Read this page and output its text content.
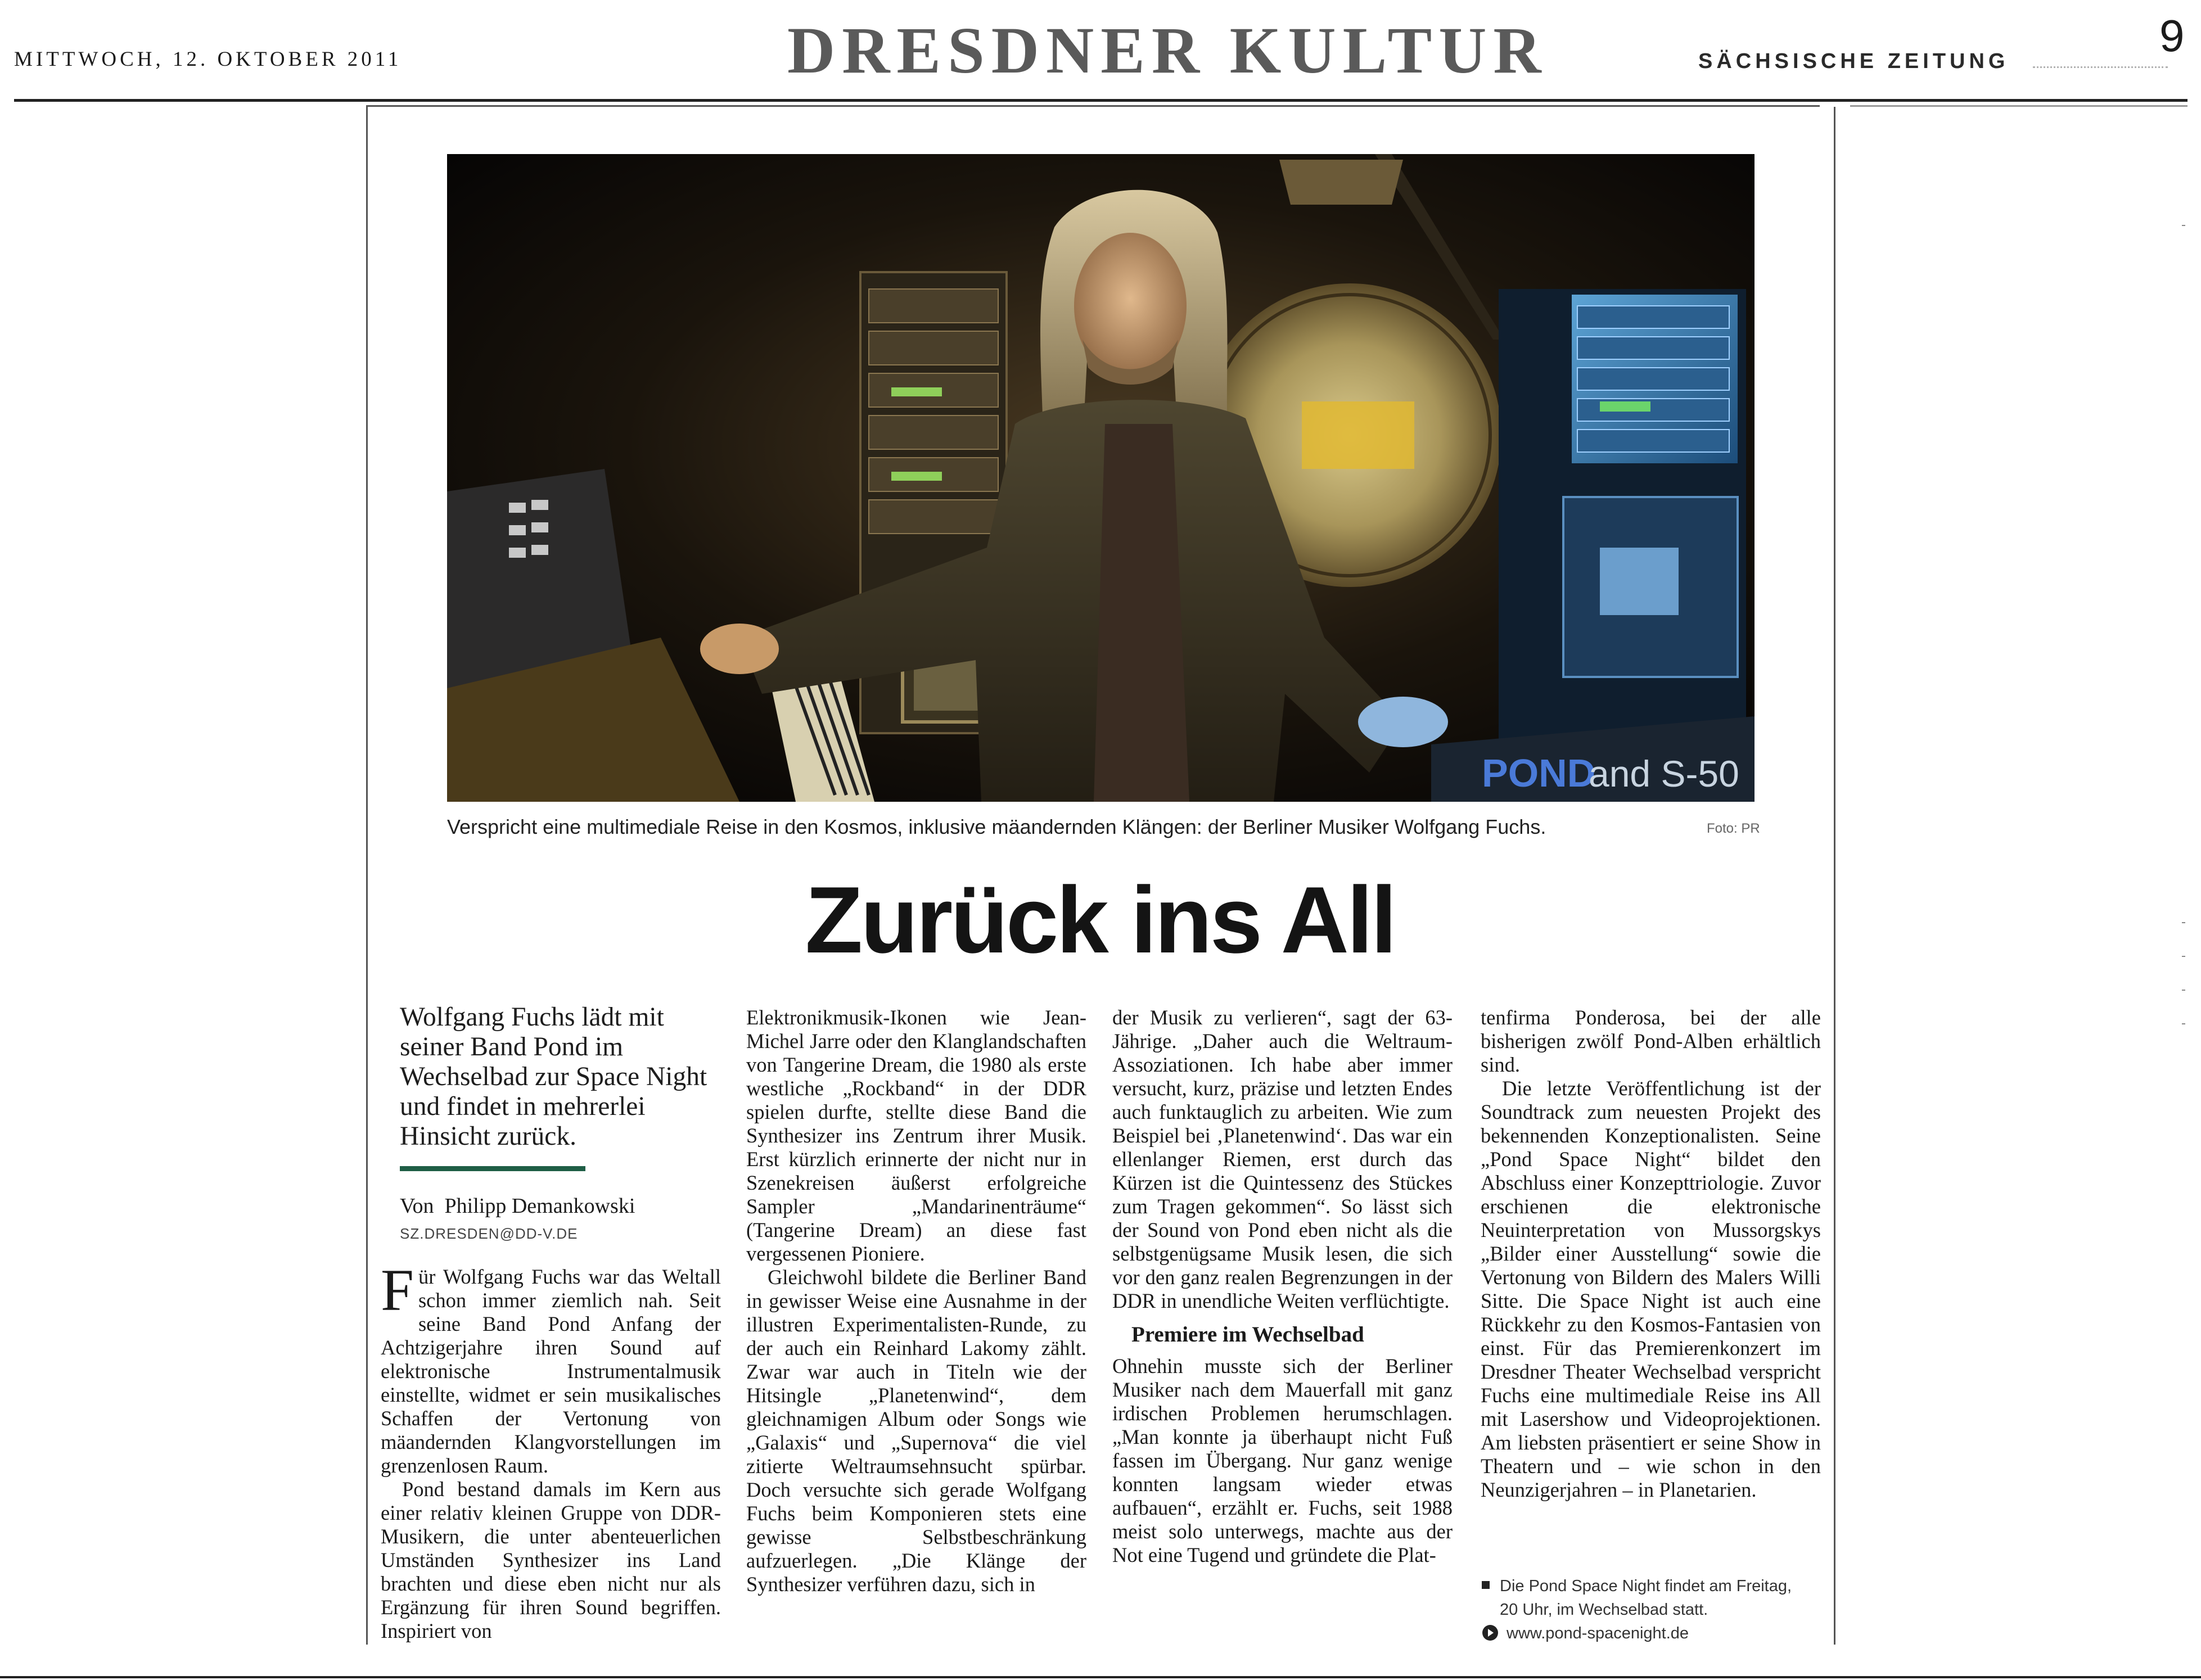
MITTWOCH, 12. OKTOBER 2011	DRESDNER KULTUR	SÄCHSISCHE ZEITUNG
9
POND
and S-50
Verspricht eine multimediale Reise in den Kosmos, inklusive mäandernden Klängen: der Berliner Musiker Wolfgang Fuchs.	Foto: PR
Zurück ins All
Wolfgang Fuchs lädt mit seiner Band Pond im Wechselbad zur Space Night und findet in mehrerlei Hinsicht zurück.
Von Philipp Demankowski
SZ.DRESDEN@DD-V.DE

Für Wolfgang Fuchs war das Weltall schon immer ziemlich nah. Seit seine Band Pond Anfang der Achtzigerjahre ihren Sound auf elektronische Instrumentalmusik einstellte, widmet er sein musikalisches Schaffen der Vertonung von mäandernden Klangvorstellungen im grenzenlosen Raum.

Pond bestand damals im Kern aus einer relativ kleinen Gruppe von DDR-Musikern, die unter abenteuerlichen Umständen Synthesizer ins Land brachten und diese eben nicht nur als Ergänzung für ihren Sound begriffen. Inspiriert von

Elektronikmusik-Ikonen wie Jean-Michel Jarre oder den Klanglandschaften von Tangerine Dream, die 1980 als erste westliche „Rockband“ in der DDR spielen durfte, stellte diese Band die Synthesizer ins Zentrum ihrer Musik. Erst kürzlich erinnerte der nicht nur in Szenekreisen äußerst erfolgreiche Sampler „Mandarinenträume“ (Tangerine Dream) an diese fast vergessenen Pioniere.

Gleichwohl bildete die Berliner Band in gewisser Weise eine Ausnahme in der illustren Experimentalisten-Runde, zu der auch ein Reinhard Lakomy zählt. Zwar war auch in Titeln wie der Hitsingle „Planetenwind“, dem gleichnamigen Album oder Songs wie „Galaxis“ und „Supernova“ die viel zitierte Weltraumsehnsucht spürbar. Doch versuchte sich gerade Wolfgang Fuchs beim Komponieren stets eine gewisse Selbstbeschränkung aufzuerlegen. „Die Klänge der Synthesizer verführen dazu, sich in

der Musik zu verlieren“, sagt der 63-Jährige. „Daher auch die Weltraum-Assoziationen. Ich habe aber immer versucht, kurz, präzise und letzten Endes auch funktauglich zu arbeiten. Wie zum Beispiel bei ‚Planetenwind‘. Das war ein ellenlanger Riemen, erst durch das Kürzen ist die Quintessenz des Stückes zum Tragen gekommen“. So lässt sich der Sound von Pond eben nicht als die selbstgenügsame Musik lesen, die sich vor den ganz realen Begrenzungen in der DDR in unendliche Weiten verflüchtigte.

Premiere im Wechselbad

Ohnehin musste sich der Berliner Musiker nach dem Mauerfall mit ganz irdischen Problemen herumschlagen. „Man konnte ja überhaupt nicht Fuß fassen im Übergang. Nur ganz wenige konnten langsam wieder etwas aufbauen“, erzählt er. Fuchs, seit 1988 meist solo unterwegs, machte aus der Not eine Tugend und gründete die Plat-

tenfirma Ponderosa, bei der alle bisherigen zwölf Pond-Alben erhältlich sind.

Die letzte Veröffentlichung ist der Soundtrack zum neuesten Projekt des bekennenden Konzeptionalisten. Seine „Pond Space Night“ bildet den Abschluss einer Konzepttriologie. Zuvor erschienen die elektronische Neuinterpretation von Mussorgskys „Bilder einer Ausstellung“ sowie die Vertonung von Bildern des Malers Willi Sitte. Die Space Night ist auch eine Rückkehr zu den Kosmos-Fantasien von einst. Für das Premierenkonzert im Dresdner Theater Wechselbad verspricht Fuchs eine multimediale Reise ins All mit Lasershow und Videoprojektionen. Am liebsten präsentiert er seine Show in Theatern und – wie schon in den Neunzigerjahren – in Planetarien.

Die Pond Space Night findet am Freitag,
20 Uhr, im Wechselbad statt.
www.pond-spacenight.de
